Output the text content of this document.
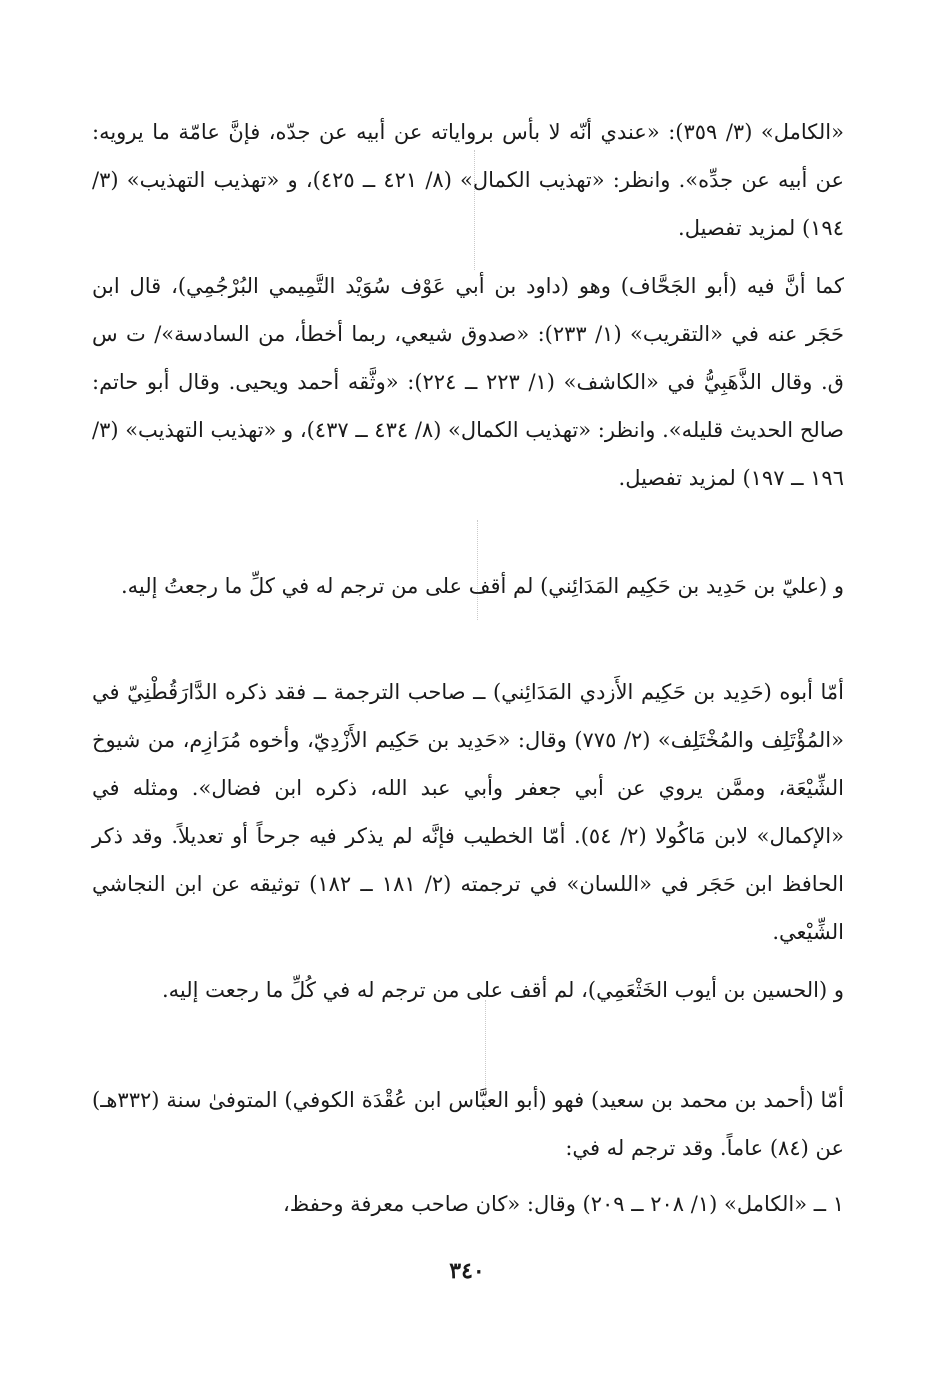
«الكامل» (٣/ ٣٥٩): «عندي أنّه لا بأس برواياته عن أبيه عن جدّه، فإنَّ عامّة ما يرويه: عن أبيه عن جدِّه». وانظر: «تهذيب الكمال» (٨/ ٤٢١ ــ ٤٢٥)، و «تهذيب التهذيب» (٣/ ١٩٤) لمزيد تفصيل.

كما أنَّ فيه (أبو الجَحَّاف) وهو (داود بن أبي عَوْف سُوَيْد التَّمِيمي البُرْجُمِي)، قال ابن حَجَر عنه في «التقريب» (١/ ٢٣٣): «صدوق شيعي، ربما أخطأ، من السادسة»/ ت س ق. وقال الذَّهَبِيُّ في «الكاشف» (١/ ٢٢٣ ــ ٢٢٤): «وثَّقه أحمد ويحيى. وقال أبو حاتم: صالح الحديث قليله». وانظر: «تهذيب الكمال» (٨/ ٤٣٤ ــ ٤٣٧)، و «تهذيب التهذيب» (٣/ ١٩٦ ــ ١٩٧) لمزيد تفصيل.

و (عليّ بن حَدِيد بن حَكِيم المَدَائِني) لم أقف على من ترجم له في كلِّ ما رجعتُ إليه.

أمّا أبوه (حَدِيد بن حَكِيم الأَزدي المَدَائِني) ــ صاحب الترجمة ــ فقد ذكره الدَّارَقُطْنِيّ في «المُؤْتَلِف والمُخْتَلِف» (٢/ ٧٧٥) وقال: «حَدِيد بن حَكِيم الأَزْدِيّ، وأخوه مُرَازِم، من شيوخ الشِّيْعَة، وممَّن يروي عن أبي جعفر وأبي عبد الله، ذكره ابن فضال». ومثله في «الإكمال» لابن مَاكُولا (٢/ ٥٤). أمّا الخطيب فإنَّه لم يذكر فيه جرحاً أو تعديلاً. وقد ذكر الحافظ ابن حَجَر في «اللسان» في ترجمته (٢/ ١٨١ ــ ١٨٢) توثيقه عن ابن النجاشي الشِّيْعي.

و (الحسين بن أيوب الخَثْعَمِي)، لم أقف على من ترجم له في كُلِّ ما رجعت إليه.

أمّا (أحمد بن محمد بن سعيد) فهو (أبو العبَّاس ابن عُقْدَة الكوفي) المتوفىٰ سنة (٣٣٢هـ) عن (٨٤) عاماً. وقد ترجم له في:

١ ــ «الكامل» (١/ ٢٠٨ ــ ٢٠٩) وقال: «كان صاحب معرفة وحفظ،

٣٤٠
